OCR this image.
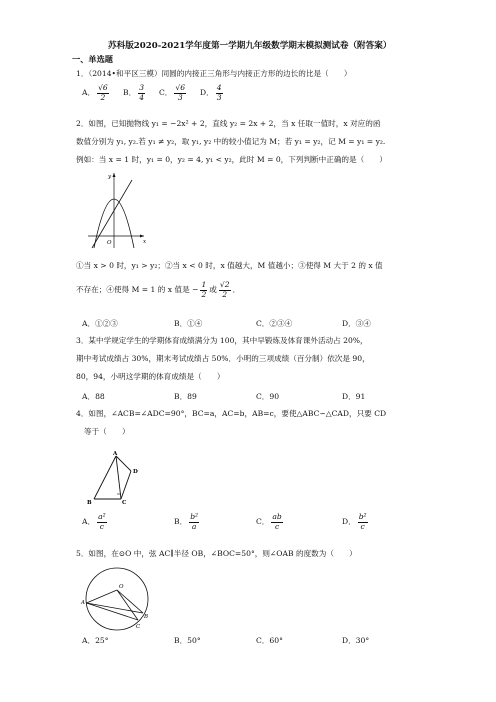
苏科版2020-2021学年度第一学期九年级数学期末模拟测试卷（附答案）
一、单选题
1．（2014•和平区三模）同圆的内接正三角形与内接正方形的边长的比是（　　）
A． $\frac{√6}{2}$ B． $\frac{3}{4}$ C． $\frac{√6}{3}$ D． $\frac{4}{3}$
2．如图，已知抛物线 y₁ = −2x² + 2，直线 y₂ = 2x + 2，当 x 任取一值时，x 对应的函
数值分别为 y₁, y₂.若 y₁ ≠ y₂，取 y₁, y₂ 中的较小值记为 M；若 y₁ = y₂，记 M = y₁ = y₂.
例如：当 x = 1 时，y₁ = 0，y₂ = 4, y₁ < y₂，此时 M = 0，下列判断中正确的是（　　）
y
x
O
①当 x > 0 时，y₁ > y₂；②当 x < 0 时，x 值越大，M 值越小；③使得 M 大于 2 的 x 值
不存在；④使得 M = 1 的 x 值是 − $\frac{1}{2}$ 或 $\frac{√2}{2}$ ．
A．①②③	B．①④	C．②③④	D．③④
3．某中学规定学生的学期体育成绩满分为 100，其中早锻炼及体育课外活动占 20%，
期中考试成绩占 30%，期末考试成绩占 50%．小明的三项成绩（百分制）依次是 90，
80，94，小明这学期的体育成绩是（　　）
A．88	B．89	C．90	D．91
4．如图，∠ACB=∠ADC=90°，BC=a，AC=b，AB=c，要使△ABC∽△CAD，只要 CD
等于（　　）
A
B	C
D
A． $\frac{\text{a²}}{c}$	B． $\frac{\text{b²}}{a}$	C． $\frac{ab}{c}$	D． $\frac{\text{b²}}{c}$
5．如图，在⊙O 中，弦 AC∥半径 OB，∠BOC=50°，则∠OAB 的度数为（　　）
A
O
B
C
A．25°	B．50°	C．60°	D．30°
